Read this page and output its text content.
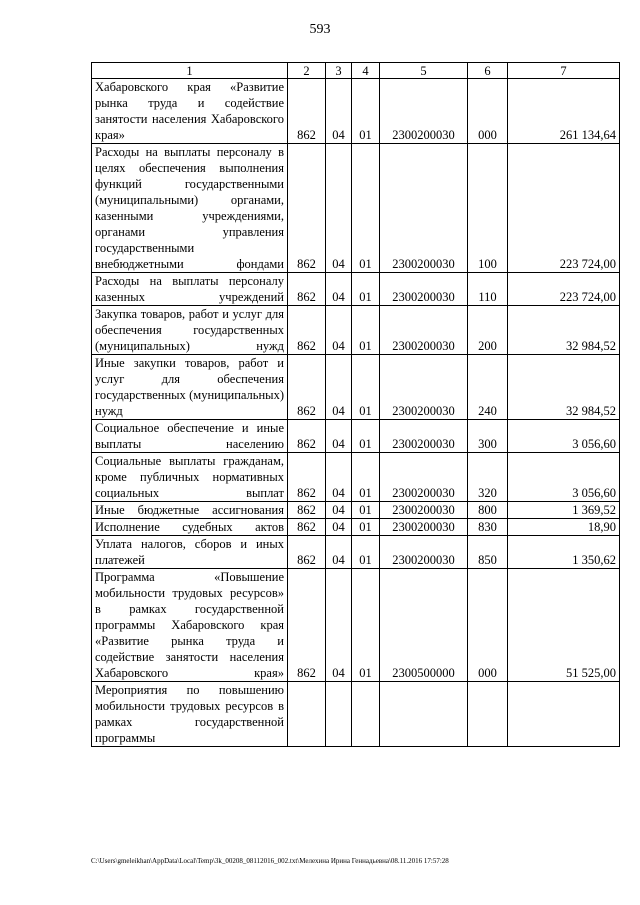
593
1	2	3	4	5	6	7
Хабаровского края «Развитие рынка труда и содействие занятости населения Хабаровского края»	862	04	01	2300200030	000	261 134,64
Расходы на выплаты персоналу в целях обеспечения выполнения функций государственными (муниципальными) органами, казенными учреждениями, органами управления государственными внебюджетными фондами	862	04	01	2300200030	100	223 724,00
Расходы на выплаты персоналу казенных учреждений	862	04	01	2300200030	110	223 724,00
Закупка товаров, работ и услуг для обеспечения государственных (муниципальных) нужд	862	04	01	2300200030	200	32 984,52
Иные закупки товаров, работ и услуг для обеспечения государственных (муниципальных) нужд	862	04	01	2300200030	240	32 984,52
Социальное обеспечение и иные выплаты населению	862	04	01	2300200030	300	3 056,60
Социальные выплаты гражданам, кроме публичных нормативных социальных выплат	862	04	01	2300200030	320	3 056,60
Иные бюджетные ассигнования	862	04	01	2300200030	800	1 369,52
Исполнение судебных актов	862	04	01	2300200030	830	18,90
Уплата налогов, сборов и иных платежей	862	04	01	2300200030	850	1 350,62
Программа «Повышение мобильности трудовых ресурсов» в рамках государственной программы Хабаровского края «Развитие рынка труда и содействие занятости населения Хабаровского края»	862	04	01	2300500000	000	51 525,00
Мероприятия по повышению мобильности трудовых ресурсов в рамках государственной программы						
C:\Users\gmeleikhan\AppData\Local\Temp\3k_00208_08112016_002.txt\Мелехина Ирина Геннадьевна\08.11.2016 17:57:28
